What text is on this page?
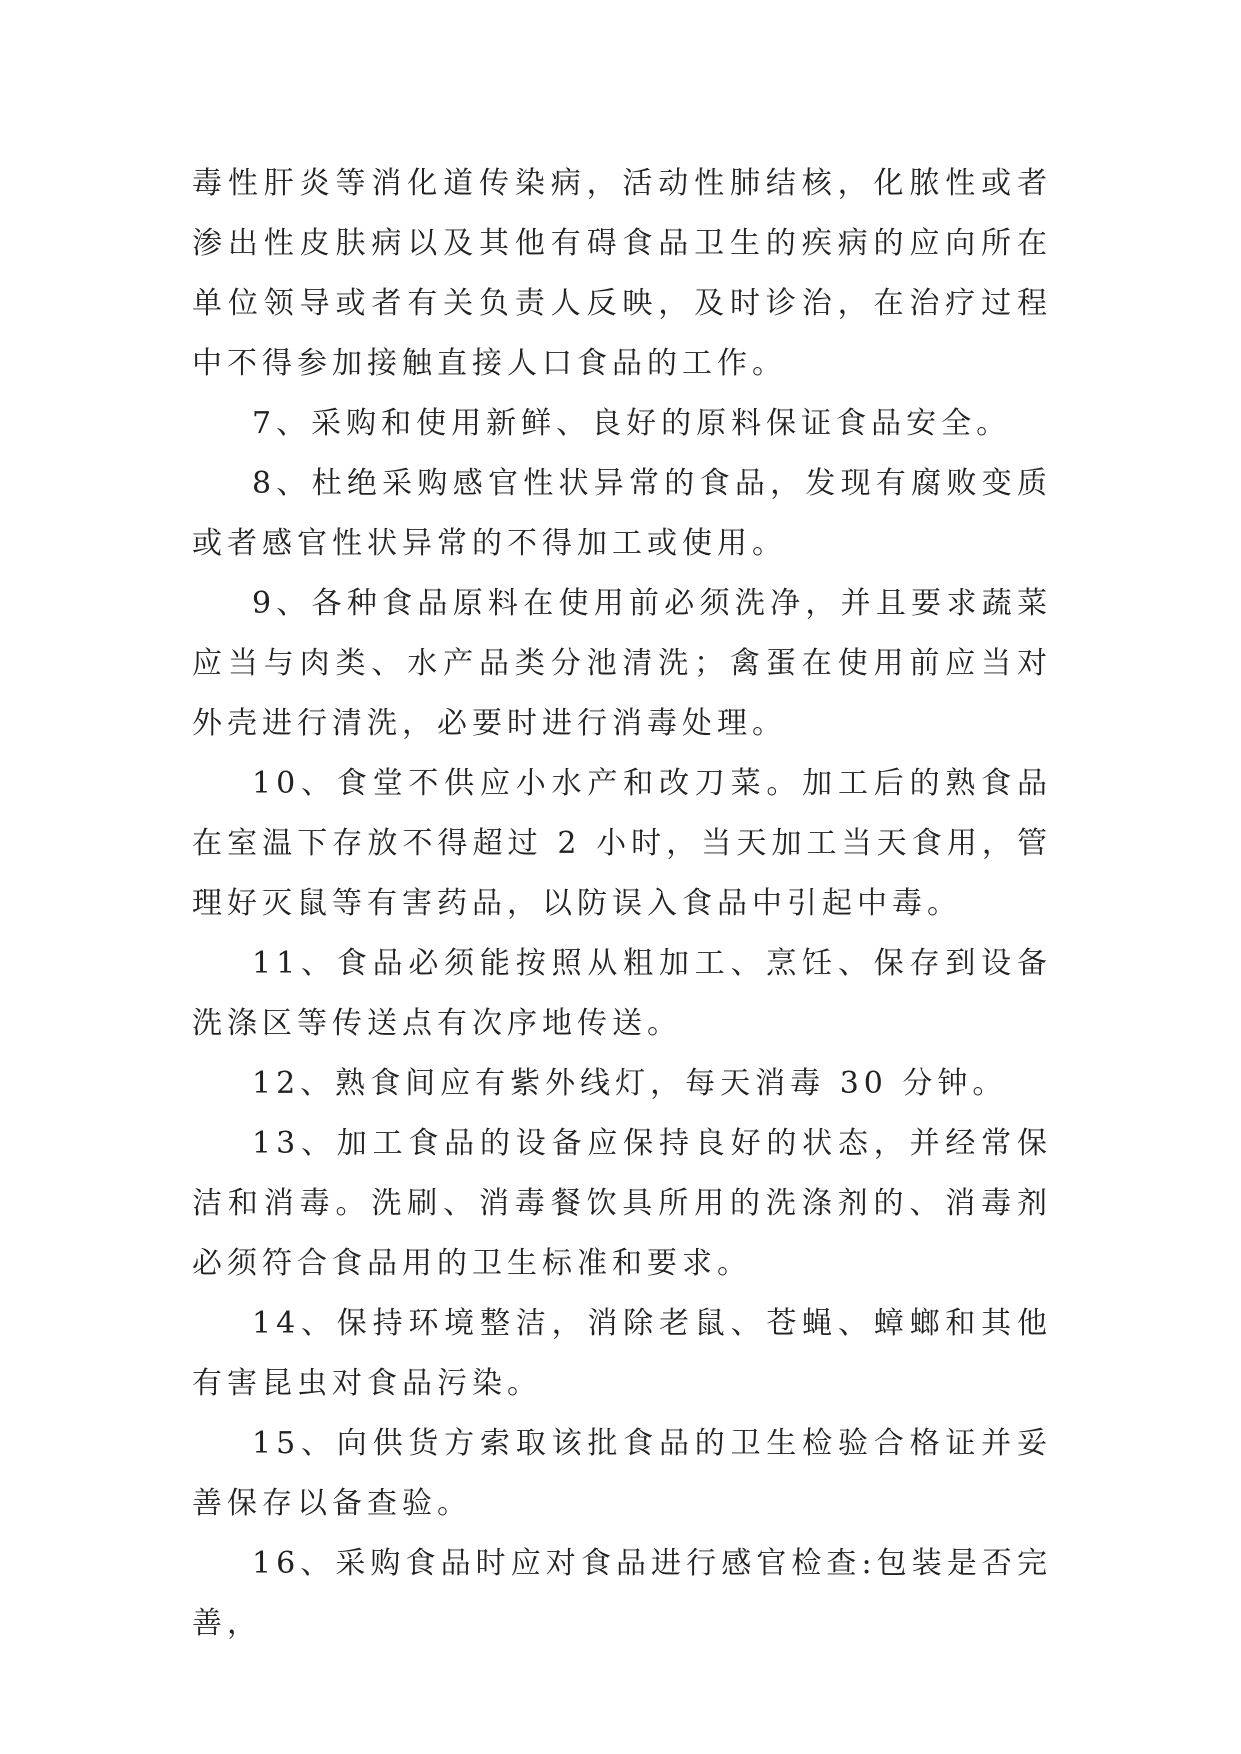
毒性肝炎等消化道传染病，活动性肺结核，化脓性或者渗出性皮肤病以及其他有碍食品卫生的疾病的应向所在单位领导或者有关负责人反映，及时诊治，在治疗过程中不得参加接触直接人口食品的工作。

7、采购和使用新鲜、良好的原料保证食品安全。

8、杜绝采购感官性状异常的食品，发现有腐败变质或者感官性状异常的不得加工或使用。

9、各种食品原料在使用前必须洗净，并且要求蔬菜应当与肉类、水产品类分池清洗；禽蛋在使用前应当对外壳进行清洗，必要时进行消毒处理。

10、食堂不供应小水产和改刀菜。加工后的熟食品在室温下存放不得超过 2 小时，当天加工当天食用，管理好灭鼠等有害药品，以防误入食品中引起中毒。

11、食品必须能按照从粗加工、烹饪、保存到设备洗涤区等传送点有次序地传送。

12、熟食间应有紫外线灯，每天消毒 30 分钟。

13、加工食品的设备应保持良好的状态，并经常保洁和消毒。洗刷、消毒餐饮具所用的洗涤剂的、消毒剂必须符合食品用的卫生标准和要求。

14、保持环境整洁，消除老鼠、苍蝇、蟑螂和其他有害昆虫对食品污染。

15、向供货方索取该批食品的卫生检验合格证并妥善保存以备查验。

16、采购食品时应对食品进行感官检查:包装是否完善，
